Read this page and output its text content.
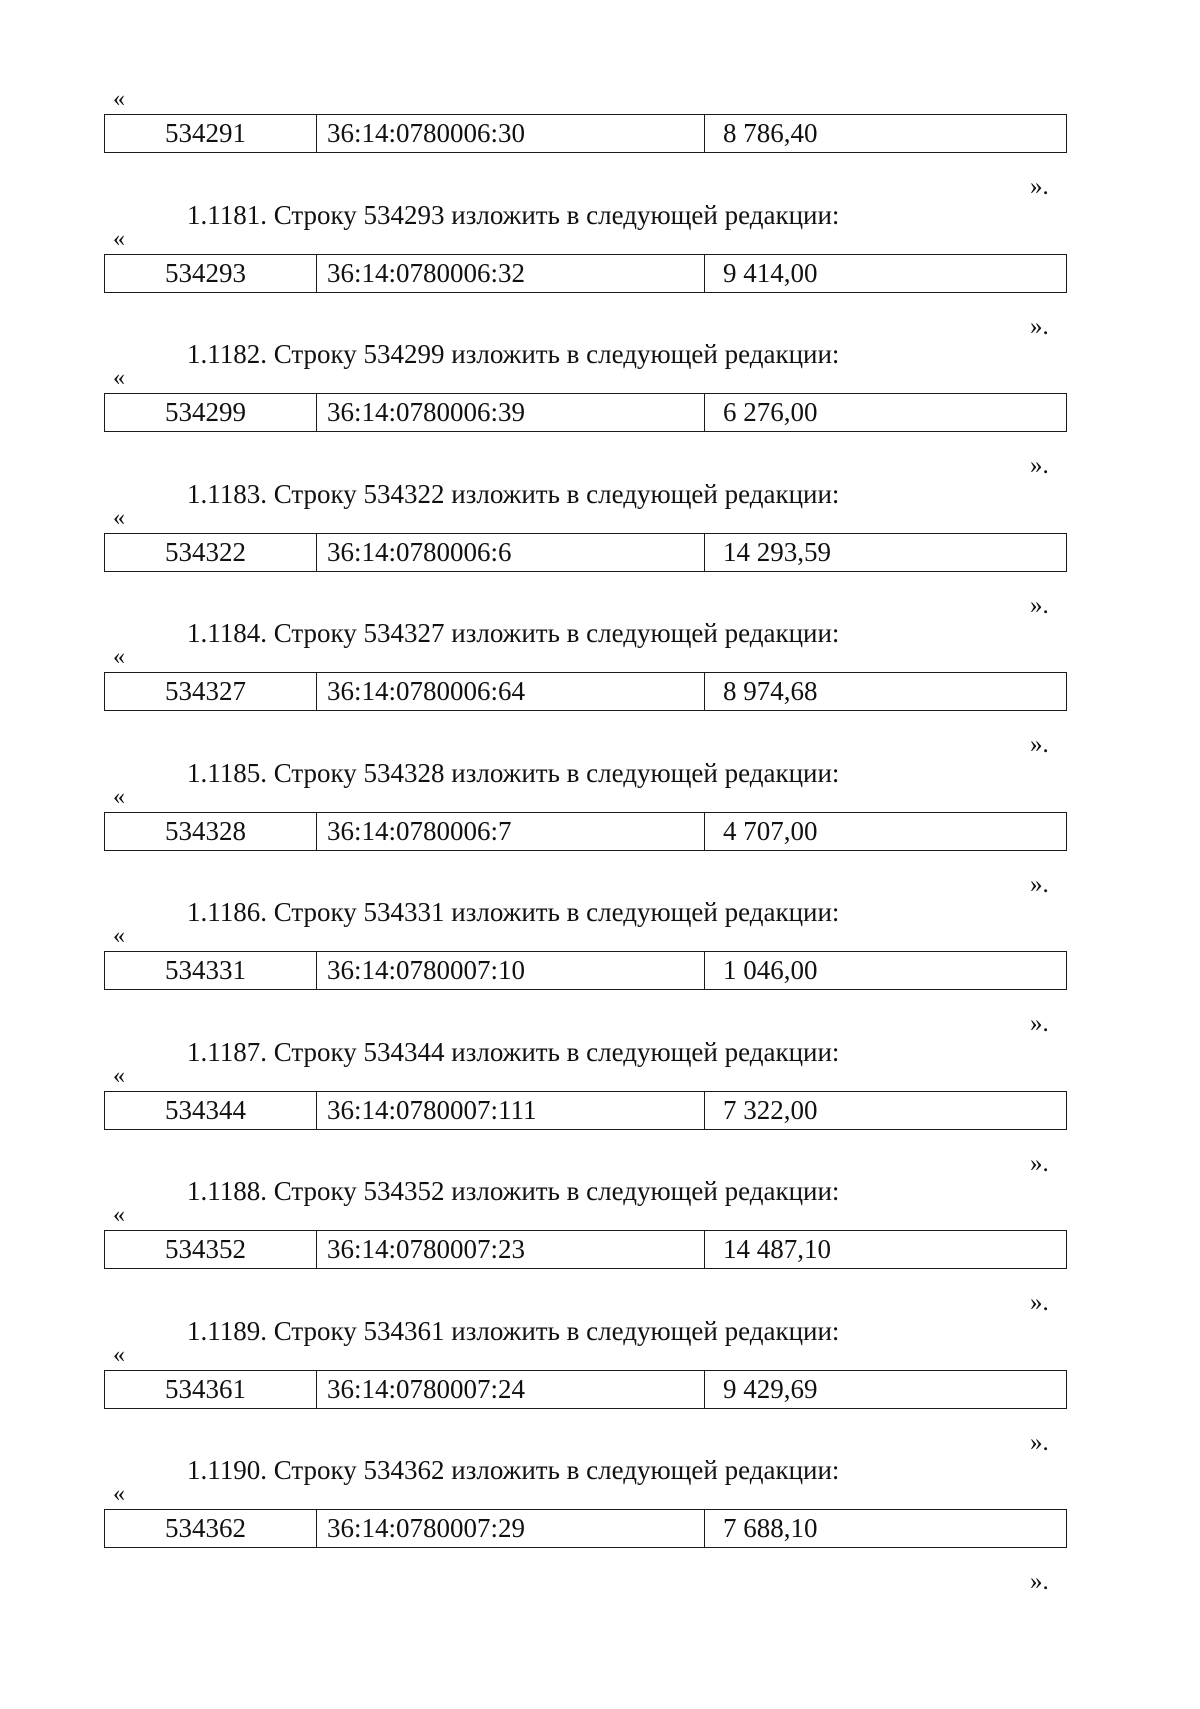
«
534291	36:14:0780006:30	8 786,40
».
1.1181. Строку 534293 изложить в следующей редакции:
«
534293	36:14:0780006:32	9 414,00
».
1.1182. Строку 534299 изложить в следующей редакции:
«
534299	36:14:0780006:39	6 276,00
».
1.1183. Строку 534322 изложить в следующей редакции:
«
534322	36:14:0780006:6	14 293,59
».
1.1184. Строку 534327 изложить в следующей редакции:
«
534327	36:14:0780006:64	8 974,68
».
1.1185. Строку 534328 изложить в следующей редакции:
«
534328	36:14:0780006:7	4 707,00
».
1.1186. Строку 534331 изложить в следующей редакции:
«
534331	36:14:0780007:10	1 046,00
».
1.1187. Строку 534344 изложить в следующей редакции:
«
534344	36:14:0780007:111	7 322,00
».
1.1188. Строку 534352 изложить в следующей редакции:
«
534352	36:14:0780007:23	14 487,10
».
1.1189. Строку 534361 изложить в следующей редакции:
«
534361	36:14:0780007:24	9 429,69
».
1.1190. Строку 534362 изложить в следующей редакции:
«
534362	36:14:0780007:29	7 688,10
».
